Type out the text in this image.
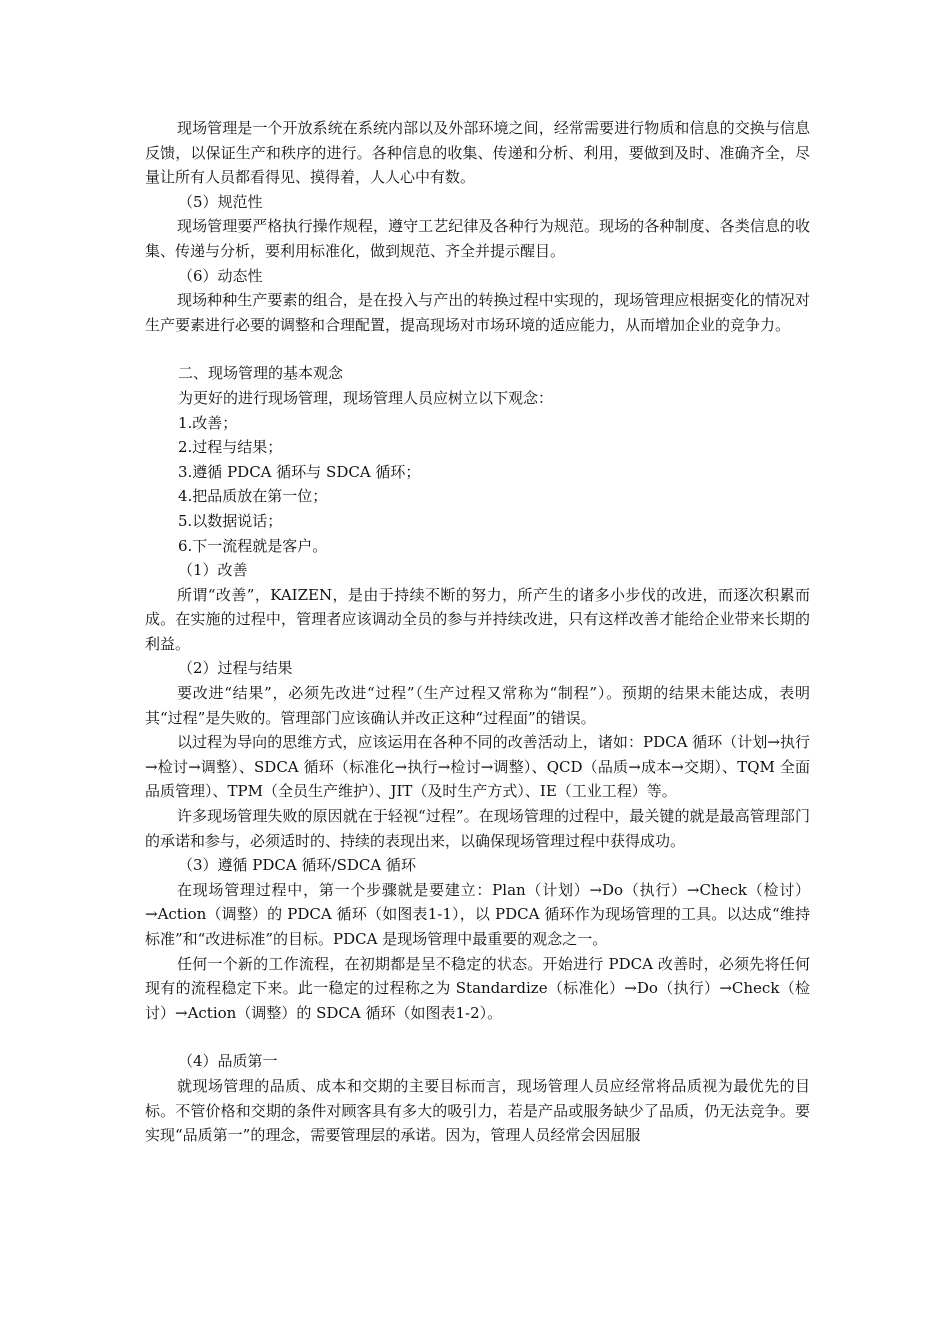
现场管理是一个开放系统在系统内部以及外部环境之间，经常需要进行物质和信息的交换与信息反馈，以保证生产和秩序的进行。各种信息的收集、传递和分析、利用，要做到及时、准确齐全，尽量让所有人员都看得见、摸得着，人人心中有数。

（5）规范性

现场管理要严格执行操作规程，遵守工艺纪律及各种行为规范。现场的各种制度、各类信息的收集、传递与分析，要利用标准化，做到规范、齐全并提示醒目。

（6）动态性

现场种种生产要素的组合，是在投入与产出的转换过程中实现的，现场管理应根据变化的情况对生产要素进行必要的调整和合理配置，提高现场对市场环境的适应能力，从而增加企业的竞争力。

二、现场管理的基本观念

为更好的进行现场管理，现场管理人员应树立以下观念：

1.改善；

2.过程与结果；

3.遵循 PDCA 循环与 SDCA 循环；

4.把品质放在第一位；

5.以数据说话；

6.下一流程就是客户。

（1）改善

所谓“改善”，KAIZEN，是由于持续不断的努力，所产生的诸多小步伐的改进，而逐次积累而成。在实施的过程中，管理者应该调动全员的参与并持续改进，只有这样改善才能给企业带来长期的利益。

（2）过程与结果

要改进“结果”，必须先改进“过程”（生产过程又常称为“制程”）。预期的结果未能达成，表明其“过程”是失败的。管理部门应该确认并改正这种“过程面”的错误。

以过程为导向的思维方式，应该运用在各种不同的改善活动上，诸如：PDCA 循环（计划→执行→检讨→调整）、SDCA 循环（标准化→执行→检讨→调整）、QCD（品质→成本→交期）、TQM 全面品质管理）、TPM（全员生产维护）、JIT（及时生产方式）、IE（工业工程）等。

许多现场管理失败的原因就在于轻视“过程”。在现场管理的过程中，最关键的就是最高管理部门的承诺和参与，必须适时的、持续的表现出来，以确保现场管理过程中获得成功。

（3）遵循 PDCA 循环/SDCA 循环

在现场管理过程中，第一个步骤就是要建立：Plan（计划）→Do（执行）→Check（检讨）→Action（调整）的 PDCA 循环（如图表1-1），以 PDCA 循环作为现场管理的工具。以达成“维持标准”和“改进标准”的目标。PDCA 是现场管理中最重要的观念之一。

任何一个新的工作流程，在初期都是呈不稳定的状态。开始进行 PDCA 改善时，必须先将任何现有的流程稳定下来。此一稳定的过程称之为 Standardize（标准化）→Do（执行）→Check（检讨）→Action（调整）的 SDCA 循环（如图表1-2）。

（4）品质第一

就现场管理的品质、成本和交期的主要目标而言，现场管理人员应经常将品质视为最优先的目标。不管价格和交期的条件对顾客具有多大的吸引力，若是产品或服务缺少了品质，仍无法竞争。要实现“品质第一”的理念，需要管理层的承诺。因为，管理人员经常会因屈服
